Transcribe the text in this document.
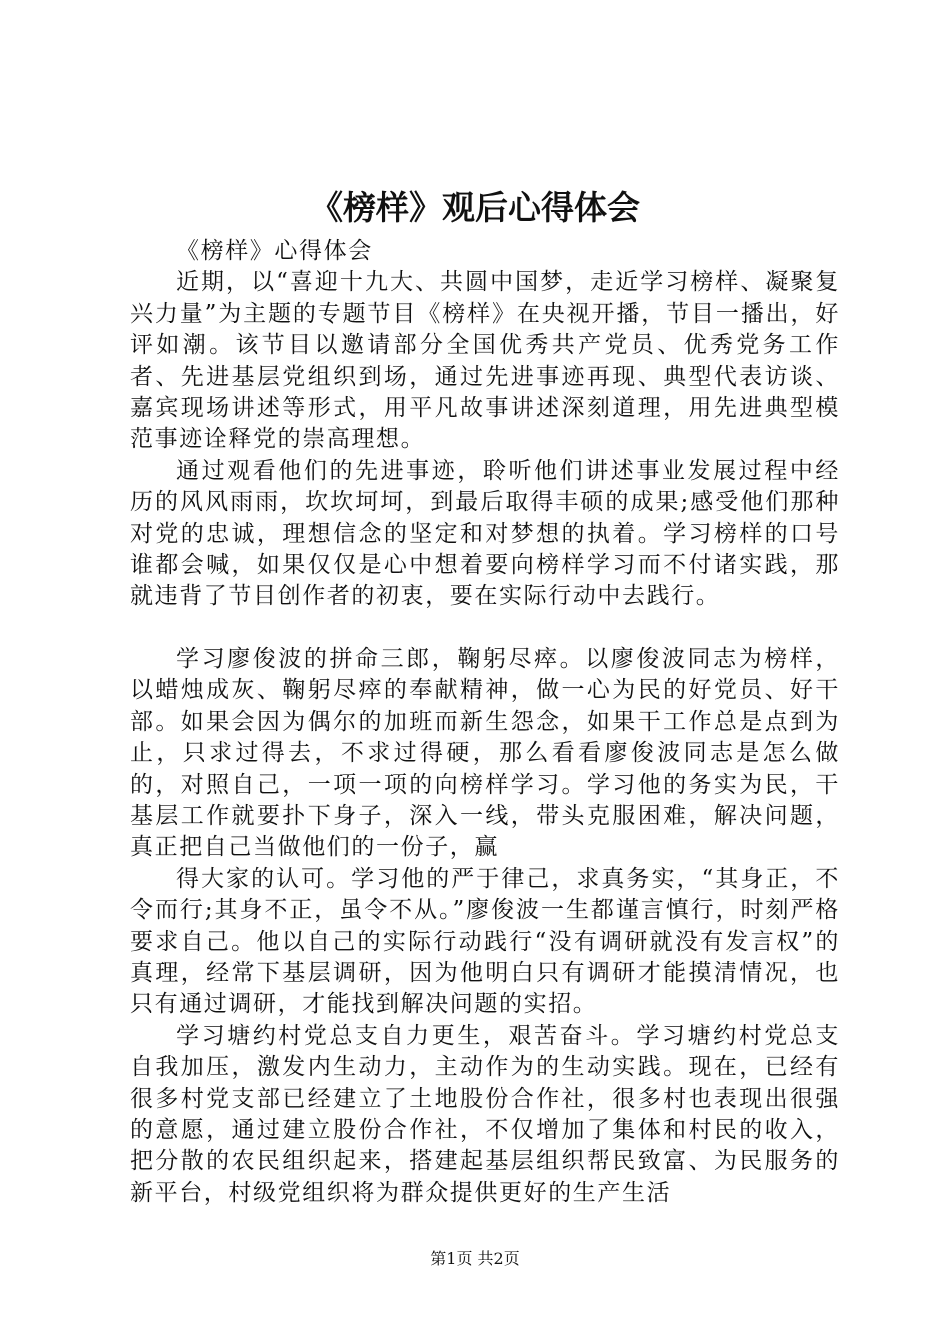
《榜样》观后心得体会

《榜样》心得体会

近期，以“喜迎十九大、共圆中国梦，走近学习榜样、凝聚复兴力量”为主题的专题节目《榜样》在央视开播，节目一播出，好评如潮。该节目以邀请部分全国优秀共产党员、优秀党务工作者、先进基层党组织到场，通过先进事迹再现、典型代表访谈、嘉宾现场讲述等形式，用平凡故事讲述深刻道理，用先进典型模范事迹诠释党的崇高理想。

通过观看他们的先进事迹，聆听他们讲述事业发展过程中经历的风风雨雨，坎坎坷坷，到最后取得丰硕的成果;感受他们那种对党的忠诚，理想信念的坚定和对梦想的执着。学习榜样的口号谁都会喊，如果仅仅是心中想着要向榜样学习而不付诸实践，那就违背了节目创作者的初衷，要在实际行动中去践行。

学习廖俊波的拼命三郎，鞠躬尽瘁。以廖俊波同志为榜样，以蜡烛成灰、鞠躬尽瘁的奉献精神，做一心为民的好党员、好干部。如果会因为偶尔的加班而新生怨念，如果干工作总是点到为止，只求过得去，不求过得硬，那么看看廖俊波同志是怎么做的，对照自己，一项一项的向榜样学习。学习他的务实为民，干基层工作就要扑下身子，深入一线，带头克服困难，解决问题，真正把自己当做他们的一份子，赢

得大家的认可。学习他的严于律己，求真务实，“其身正，不令而行;其身不正，虽令不从。”廖俊波一生都谨言慎行，时刻严格要求自己。他以自己的实际行动践行“没有调研就没有发言权”的真理，经常下基层调研，因为他明白只有调研才能摸清情况，也只有通过调研，才能找到解决问题的实招。

学习塘约村党总支自力更生，艰苦奋斗。学习塘约村党总支自我加压，激发内生动力，主动作为的生动实践。现在，已经有很多村党支部已经建立了土地股份合作社，很多村也表现出很强的意愿，通过建立股份合作社，不仅增加了集体和村民的收入，把分散的农民组织起来，搭建起基层组织帮民致富、为民服务的新平台，村级党组织将为群众提供更好的生产生活

第1页 共2页
